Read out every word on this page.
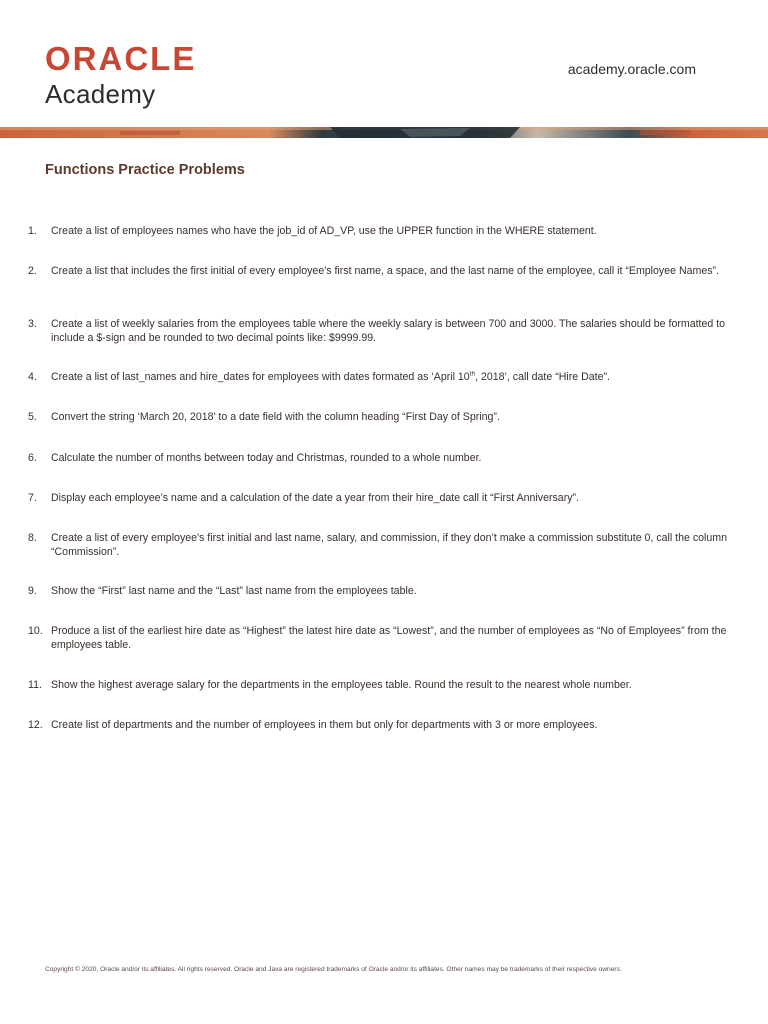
ORACLE
Academy
academy.oracle.com
Functions Practice Problems
1.	Create a list of employees names who have the job_id of AD_VP, use the UPPER function in the WHERE statement.
2.	Create a list that includes the first initial of every employee's first name, a space, and the last name of the employee, call it “Employee Names”.
3.	Create a list of weekly salaries from the employees table where the weekly salary is between 700 and 3000. The salaries should be formatted to include a $-sign and be rounded to two decimal points like: $9999.99.
4.	Create a list of last_names and hire_dates for employees with dates formated as ‘April 10th, 2018’, call date “Hire Date”.
5.	Convert the string ‘March 20, 2018’ to a date field with the column heading “First Day of Spring”.
6.	Calculate the number of months between today and Christmas, rounded to a whole number.
7.	Display each employee’s name and a calculation of the date a year from their hire_date call it “First Anniversary”.
8.	Create a list of every employee's first initial and last name, salary, and commission, if they don’t make a commission substitute 0, call the column “Commission”.
9.	Show the “First” last name and the “Last” last name from the employees table.
10. Produce a list of the earliest hire date as “Highest” the latest hire date as “Lowest”, and the number of employees as “No of Employees” from the employees table.
11. Show the highest average salary for the departments in the employees table. Round the result to the nearest whole number.
12. Create list of departments and the number of employees in them but only for departments with 3 or more employees.
Copyright © 2020, Oracle and/or its affiliates. All rights reserved. Oracle and Java are registered trademarks of Oracle and/or its affiliates. Other names may be trademarks of their respective owners.
